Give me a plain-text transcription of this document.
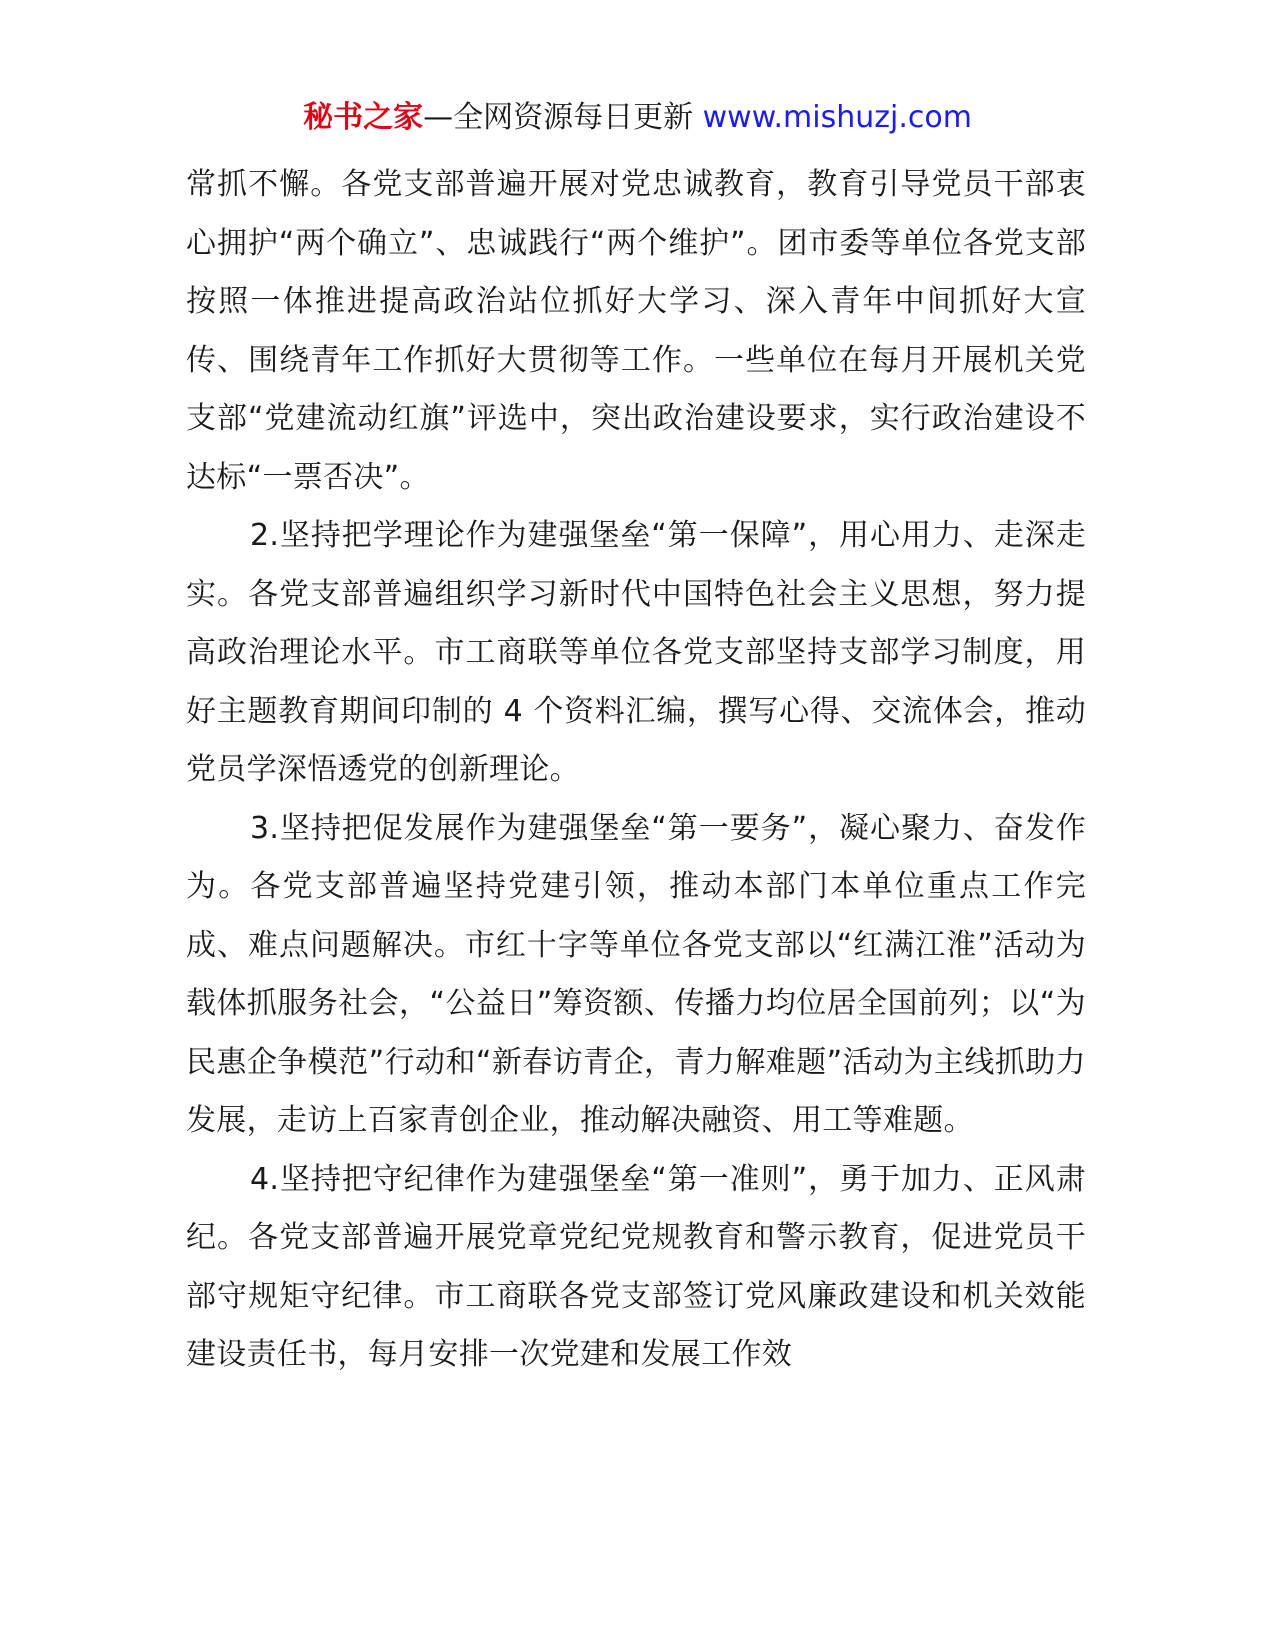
秘书之家—全网资源每日更新 www.mishuzj.com

常抓不懈。各党支部普遍开展对党忠诚教育，教育引导党员干部衷心拥护“两个确立”、忠诚践行“两个维护”。团市委等单位各党支部按照一体推进提高政治站位抓好大学习、深入青年中间抓好大宣传、围绕青年工作抓好大贯彻等工作。一些单位在每月开展机关党支部“党建流动红旗”评选中，突出政治建设要求，实行政治建设不达标“一票否决”。

2.坚持把学理论作为建强堡垒“第一保障”，用心用力、走深走实。各党支部普遍组织学习新时代中国特色社会主义思想，努力提高政治理论水平。市工商联等单位各党支部坚持支部学习制度，用好主题教育期间印制的 4 个资料汇编，撰写心得、交流体会，推动党员学深悟透党的创新理论。

3.坚持把促发展作为建强堡垒“第一要务”，凝心聚力、奋发作为。各党支部普遍坚持党建引领，推动本部门本单位重点工作完成、难点问题解决。市红十字等单位各党支部以“红满江淮”活动为载体抓服务社会，“公益日”筹资额、传播力均位居全国前列；以“为民惠企争模范”行动和“新春访青企，青力解难题”活动为主线抓助力发展，走访上百家青创企业，推动解决融资、用工等难题。

4.坚持把守纪律作为建强堡垒“第一准则”，勇于加力、正风肃纪。各党支部普遍开展党章党纪党规教育和警示教育，促进党员干部守规矩守纪律。市工商联各党支部签订党风廉政建设和机关效能建设责任书，每月安排一次党建和发展工作效
